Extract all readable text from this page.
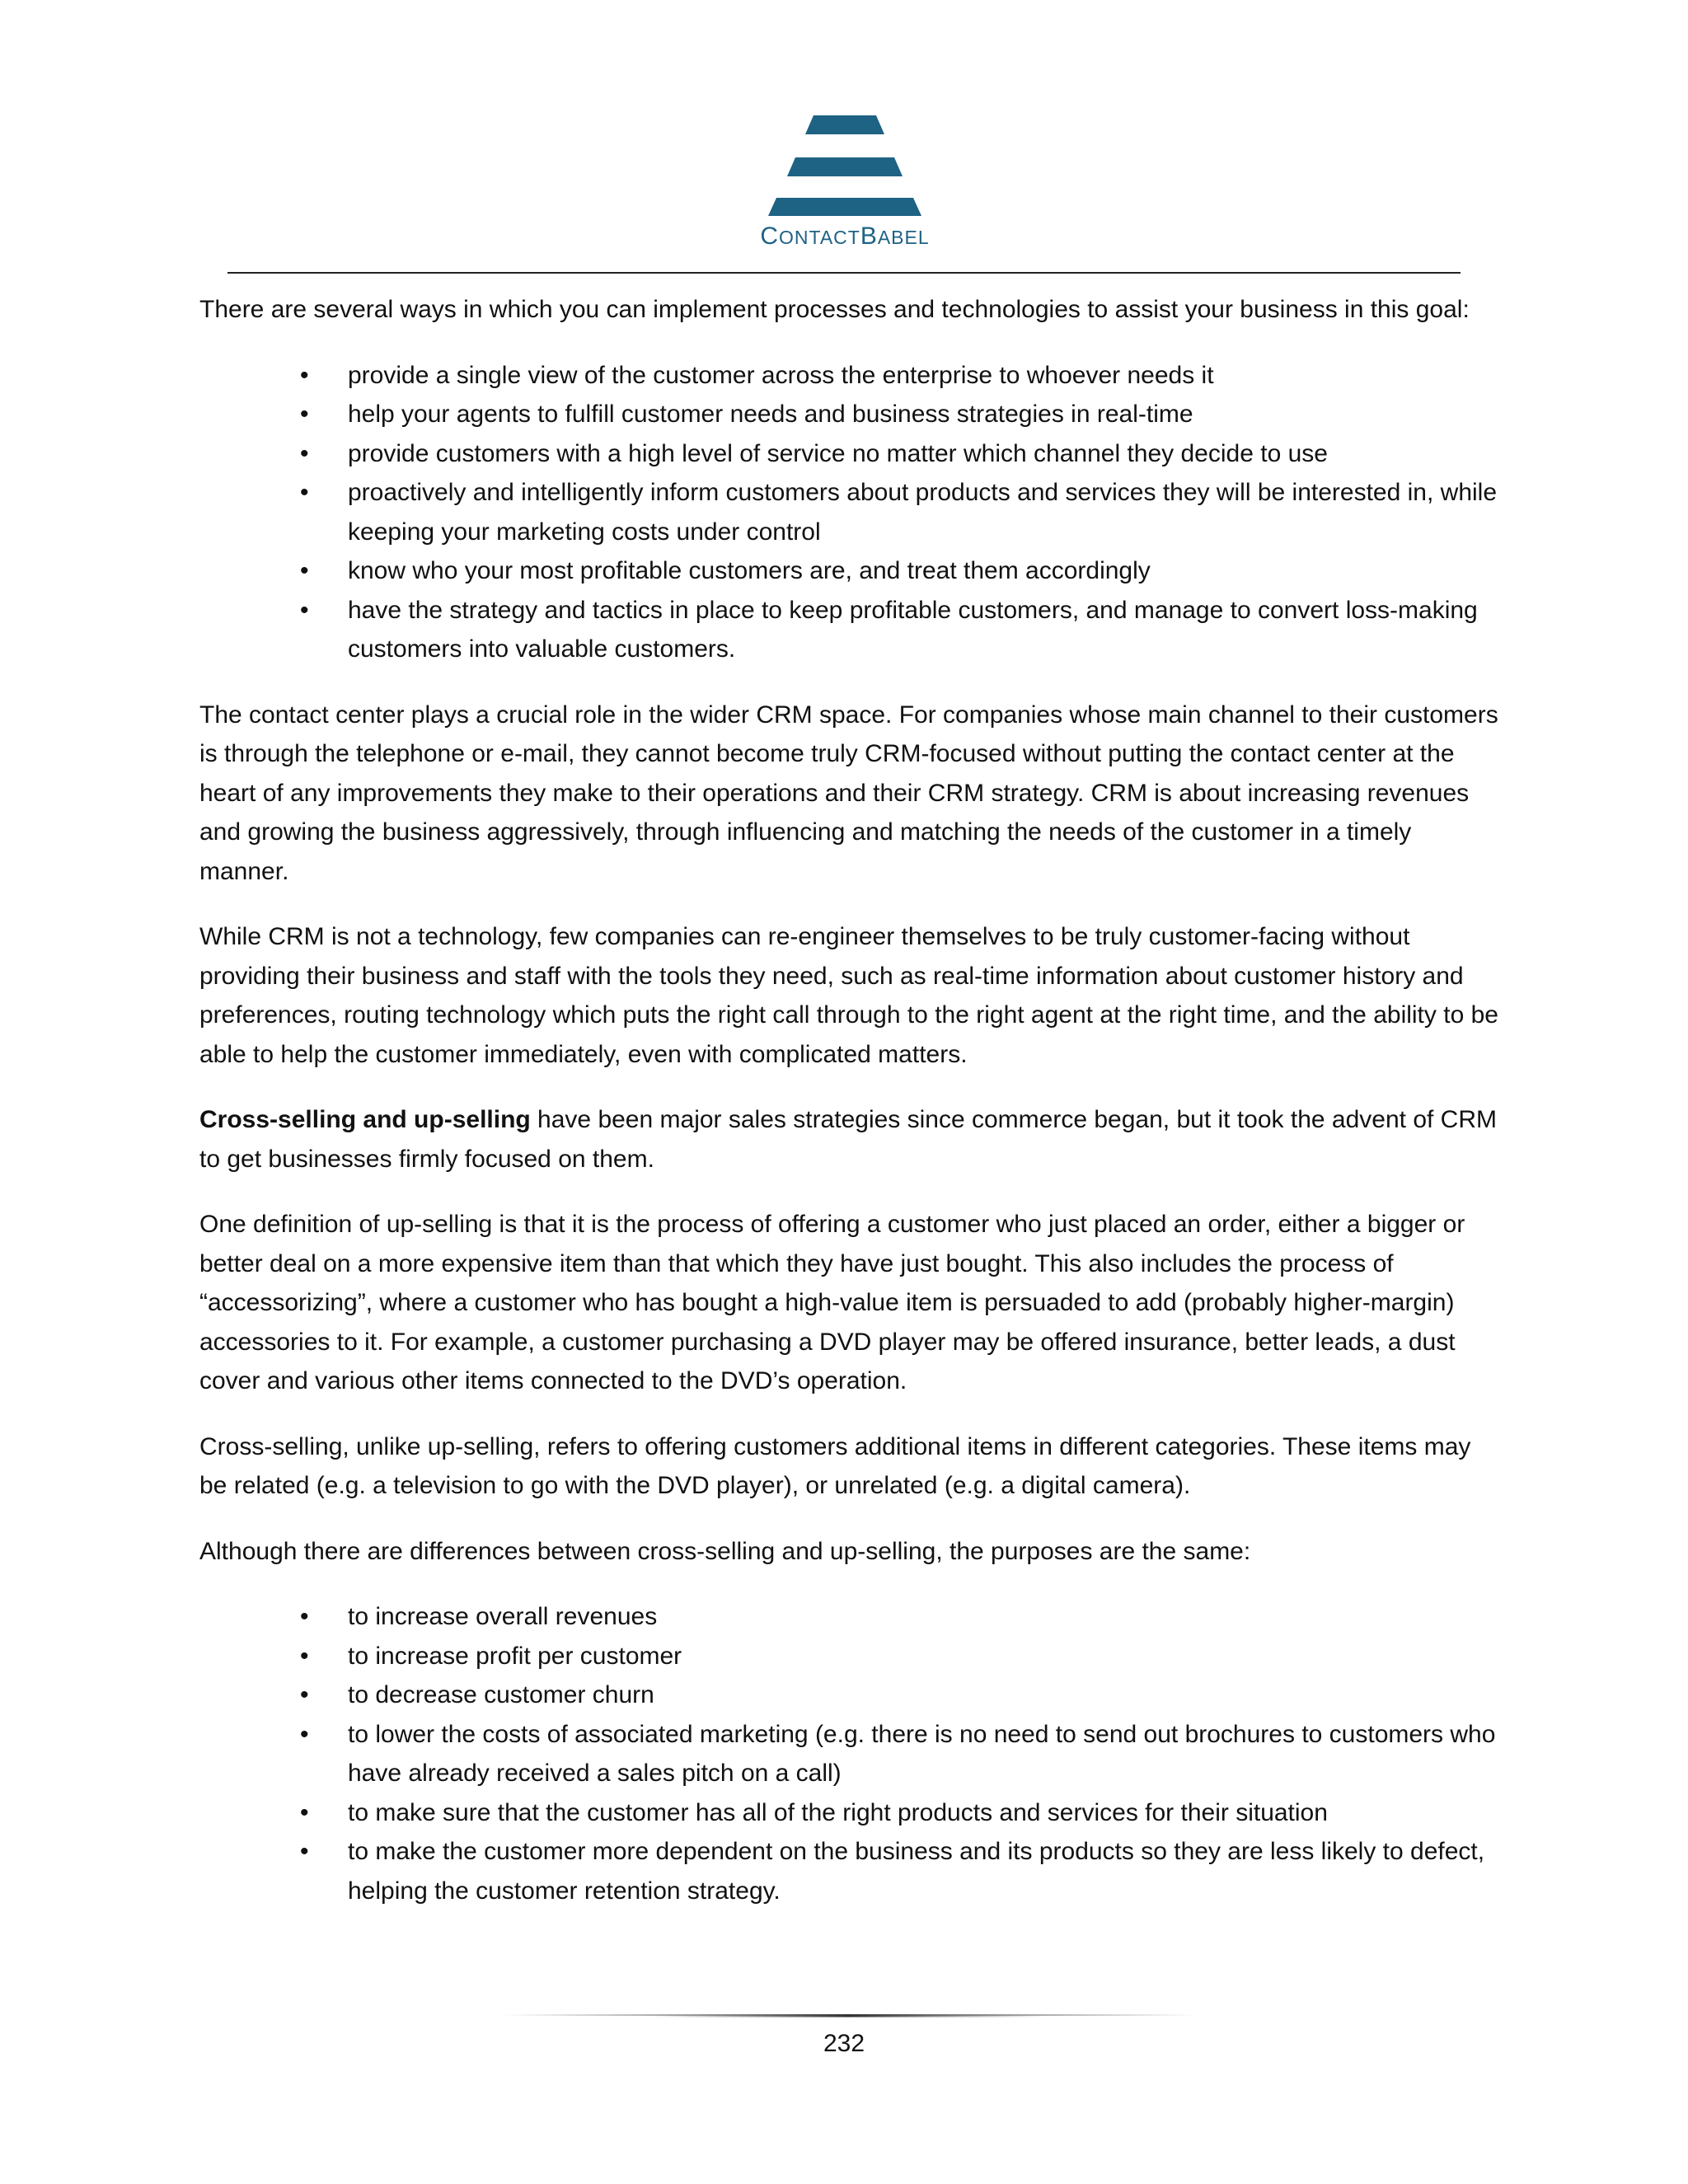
CONTACTBABEL

There are several ways in which you can implement processes and technologies to assist your business in this goal:

• provide a single view of the customer across the enterprise to whoever needs it
• help your agents to fulfill customer needs and business strategies in real-time
• provide customers with a high level of service no matter which channel they decide to use
• proactively and intelligently inform customers about products and services they will be interested in, while keeping your marketing costs under control
• know who your most profitable customers are, and treat them accordingly
• have the strategy and tactics in place to keep profitable customers, and manage to convert loss-making customers into valuable customers.

The contact center plays a crucial role in the wider CRM space. For companies whose main channel to their customers is through the telephone or e-mail, they cannot become truly CRM-focused without putting the contact center at the heart of any improvements they make to their operations and their CRM strategy. CRM is about increasing revenues and growing the business aggressively, through influencing and matching the needs of the customer in a timely manner.

While CRM is not a technology, few companies can re-engineer themselves to be truly customer-facing without providing their business and staff with the tools they need, such as real-time information about customer history and preferences, routing technology which puts the right call through to the right agent at the right time, and the ability to be able to help the customer immediately, even with complicated matters.

Cross-selling and up-selling have been major sales strategies since commerce began, but it took the advent of CRM to get businesses firmly focused on them.

One definition of up-selling is that it is the process of offering a customer who just placed an order, either a bigger or better deal on a more expensive item than that which they have just bought. This also includes the process of “accessorizing”, where a customer who has bought a high-value item is persuaded to add (probably higher-margin) accessories to it. For example, a customer purchasing a DVD player may be offered insurance, better leads, a dust cover and various other items connected to the DVD’s operation.

Cross-selling, unlike up-selling, refers to offering customers additional items in different categories. These items may be related (e.g. a television to go with the DVD player), or unrelated (e.g. a digital camera).

Although there are differences between cross-selling and up-selling, the purposes are the same:

• to increase overall revenues
• to increase profit per customer
• to decrease customer churn
• to lower the costs of associated marketing (e.g. there is no need to send out brochures to customers who have already received a sales pitch on a call)
• to make sure that the customer has all of the right products and services for their situation
• to make the customer more dependent on the business and its products so they are less likely to defect, helping the customer retention strategy.
232
